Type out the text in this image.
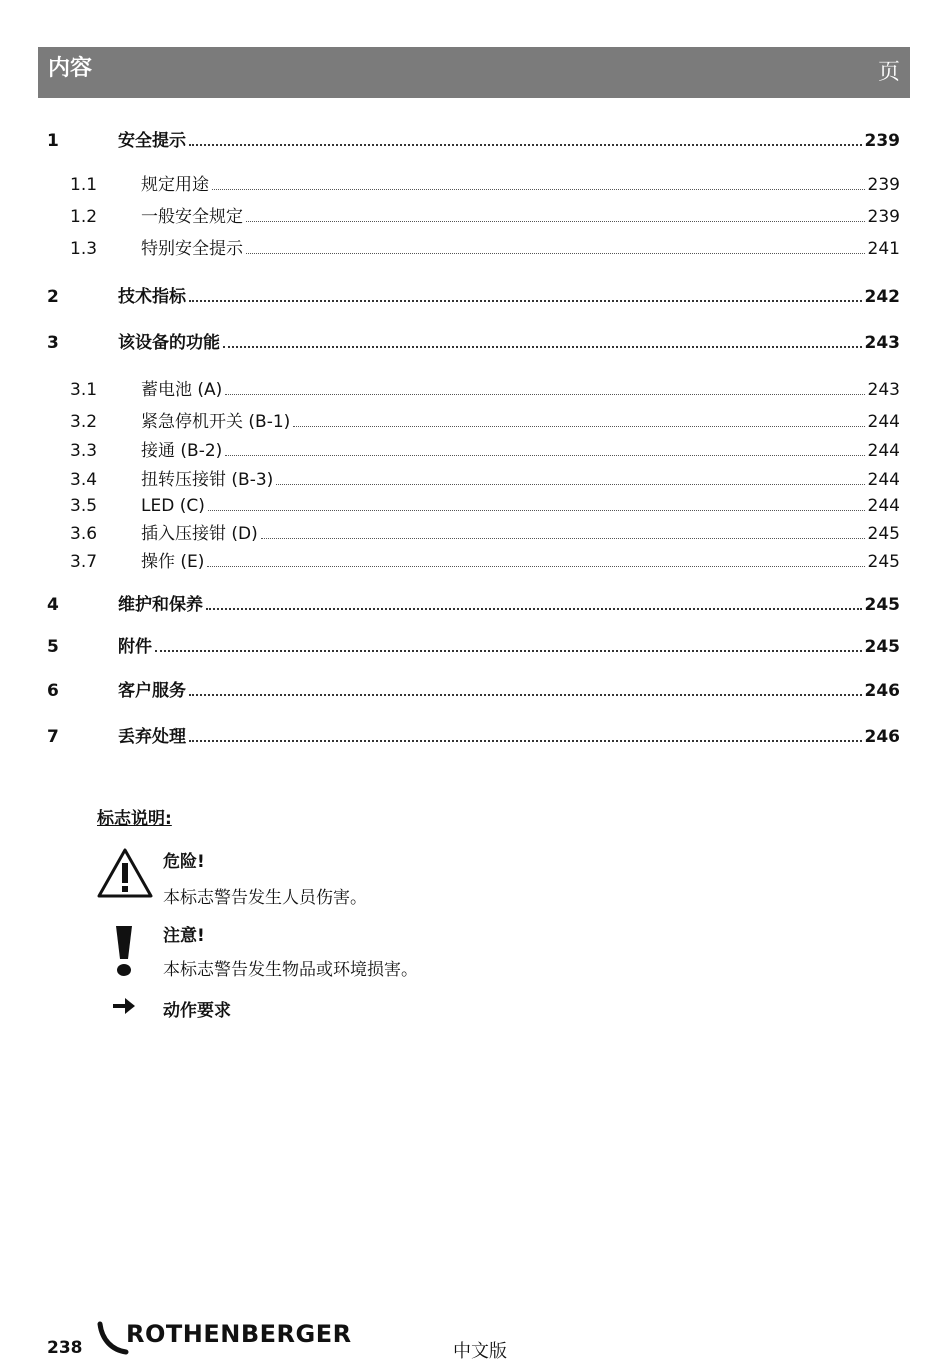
内容	页
1	安全提示	239
1.1	规定用途	239
1.2	一般安全规定	239
1.3	特别安全提示	241
2	技术指标	242
3	该设备的功能	243
3.1	蓄电池 (A)	243
3.2	紧急停机开关 (B-1)	244
3.3	接通 (B-2)	244
3.4	扭转压接钳 (B-3)	244
3.5	LED (C)	244
3.6	插入压接钳 (D)	245
3.7	操作 (E)	245
4	维护和保养	245
5	附件	245
6	客户服务	246
7	丢弃处理	246
标志说明:
危险!
本标志警告发生人员伤害。
注意!
本标志警告发生物品或环境损害。
动作要求
238 ROTHENBERGER
中文版
